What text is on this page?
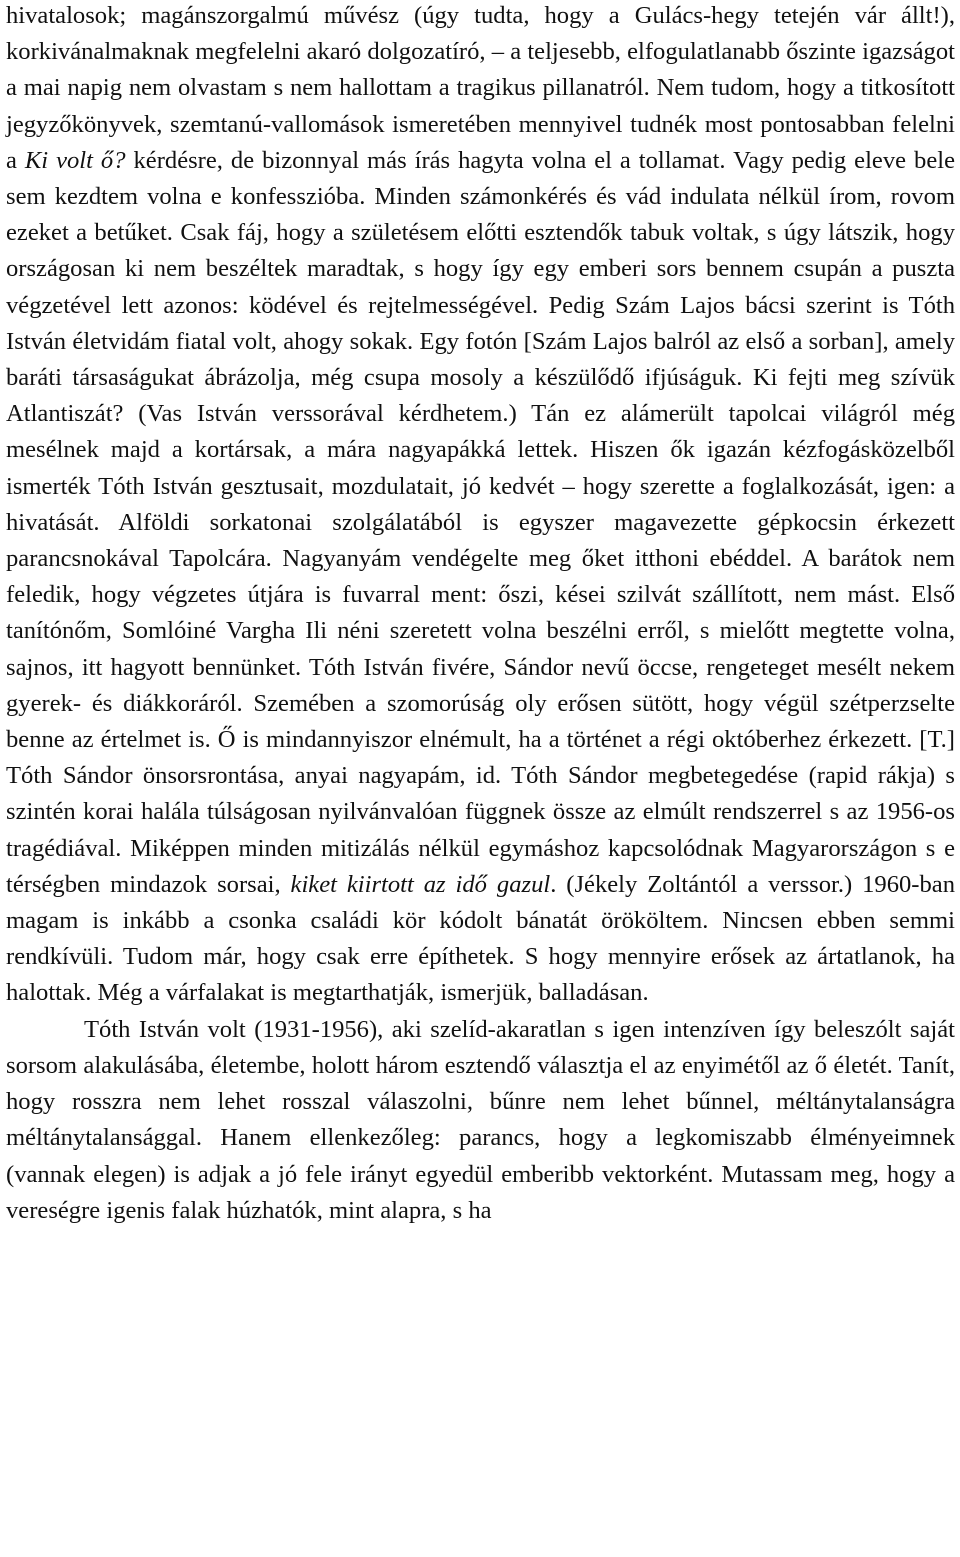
hivatalosok; magánszorgalmú művész (úgy tudta, hogy a Gulács-hegy tetején vár állt!), korkivánalmaknak megfelelni akaró dolgozatíró, – a teljesebb, elfogulatlanabb őszinte igazságot a mai napig nem olvastam s nem hallottam a tragikus pillanatról. Nem tudom, hogy a titkosított jegyzőkönyvek, szemtanú-vallomások ismeretében mennyivel tudnék most pontosabban felelni a Ki volt ő? kérdésre, de bizonnyal más írás hagyta volna el a tollamat. Vagy pedig eleve bele sem kezdtem volna e konfesszióba. Minden számonkérés és vád indulata nélkül írom, rovom ezeket a betűket. Csak fáj, hogy a születésem előtti esztendők tabuk voltak, s úgy látszik, hogy országosan ki nem beszéltek maradtak, s hogy így egy emberi sors bennem csupán a puszta végzetével lett azonos: ködével és rejtelmességével. Pedig Szám Lajos bácsi szerint is Tóth István életvidám fiatal volt, ahogy sokak. Egy fotón [Szám Lajos balról az első a sorban], amely baráti társaságukat ábrázolja, még csupa mosoly a készülődő ifjúságuk. Ki fejti meg szívük Atlantiszát? (Vas István verssorával kérdhetem.) Tán ez alámerült tapolcai világról még mesélnek majd a kortársak, a mára nagyapákká lettek. Hiszen ők igazán kézfogásközelből ismerték Tóth István gesztusait, mozdulatait, jó kedvét – hogy szerette a foglalkozását, igen: a hivatását. Alföldi sorkatonai szolgálatából is egyszer magavezette gépkocsin érkezett parancsnokával Tapolcára. Nagyanyám vendégelte meg őket itthoni ebéddel. A barátok nem feledik, hogy végzetes útjára is fuvarral ment: őszi, kései szilvát szállított, nem mást. Első tanítónőm, Somlóiné Vargha Ili néni szeretett volna beszélni erről, s mielőtt megtette volna, sajnos, itt hagyott bennünket. Tóth István fivére, Sándor nevű öccse, rengeteget mesélt nekem gyerek- és diákkoráról. Szemében a szomorúság oly erősen sütött, hogy végül szétperzselte benne az értelmet is. Ő is mindannyiszor elnémult, ha a történet a régi októberhez érkezett. [T.] Tóth Sándor önsorsrontása, anyai nagyapám, id. Tóth Sándor megbetegedése (rapid rákja) s szintén korai halála túlságosan nyilvánvalóan függnek össze az elmúlt rendszerrel s az 1956-os tragédiával. Miképpen minden mitizálás nélkül egymáshoz kapcsolódnak Magyarországon s e térségben mindazok sorsai, kiket kiirtott az idő gazul. (Jékely Zoltántól a verssor.) 1960-ban magam is inkább a csonka családi kör kódolt bánatát örököltem. Nincsen ebben semmi rendkívüli. Tudom már, hogy csak erre építhetek. S hogy mennyire erősek az ártatlanok, ha halottak. Még a várfalakat is megtarthatják, ismerjük, balladásan.

Tóth István volt (1931-1956), aki szelíd-akaratlan s igen intenzíven így beleszólt saját sorsom alakulásába, életembe, holott három esztendő választja el az enyimétől az ő életét. Tanít, hogy rosszra nem lehet rosszal válaszolni, bűnre nem lehet bűnnel, méltánytalanságra méltánytalansággal. Hanem ellenkezőleg: parancs, hogy a legkomiszabb élményeimnek (vannak elegen) is adjak a jó fele irányt egyedül emberibb vektorként. Mutassam meg, hogy a vereségre igenis falak húzhatók, mint alapra, s ha
